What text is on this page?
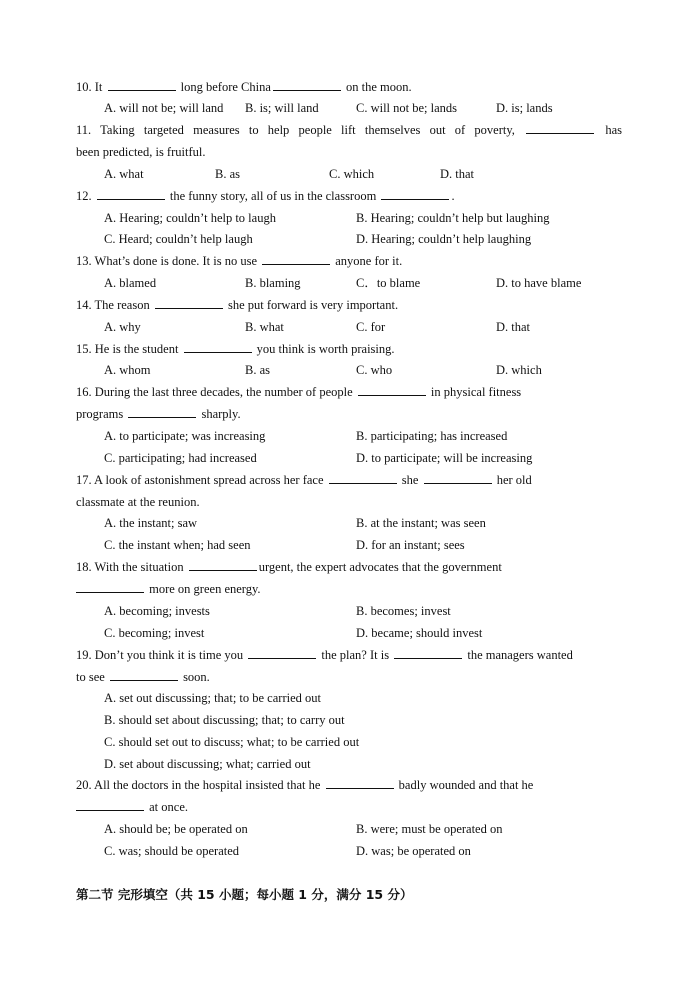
10. It	long before China	on the moon.
A. will not be; will land B. is; will land	C. will not be; lands	D. is; lands
11. Taking targeted measures to help people lift themselves out of poverty,	has
been predicted, is fruitful.
A. what	B. as	C. which	D. that
12.	the funny story, all of us in the classroom	.
A. Hearing; couldn’t help to laugh	B. Hearing; couldn’t help but laughing
C. Heard; couldn’t help laugh	D. Hearing; couldn’t help laughing
13. What’s done is done. It is no use	anyone for it.
A. blamed	B. blaming	C．to blame	D. to have blame
14. The reason	she put forward is very important.
A. why	B. what	C. for	D. that
15. He is the student	you think is worth praising.
A. whom	B. as	C. who	D. which
16. During the last three decades, the number of people	in physical fitness
programs	sharply.
A. to participate; was increasing	B. participating; has increased
C. participating; had increased	D. to participate; will be increasing
17. A look of astonishment spread across her face	she	her old
classmate at the reunion.
A. the instant; saw	B. at the instant; was seen
C. the instant when; had seen	D. for an instant; sees
18. With the situation	urgent, the expert advocates that the government
more on green energy.
A. becoming; invests	B. becomes; invest
C. becoming; invest	D. became; should invest
19. Don’t you think it is time you	the plan? It is	the managers wanted
to see	soon.
A. set out discussing; that; to be carried out
B. should set about discussing; that; to carry out
C. should set out to discuss; what; to be carried out
D. set about discussing; what; carried out
20. All the doctors in the hospital insisted that he	badly wounded and that he
at once.
A. should be; be operated on	B. were; must be operated on
C. was; should be operated	D. was; be operated on
第二节 完形填空（共 15 小题；每小题 1 分，满分 15 分）
